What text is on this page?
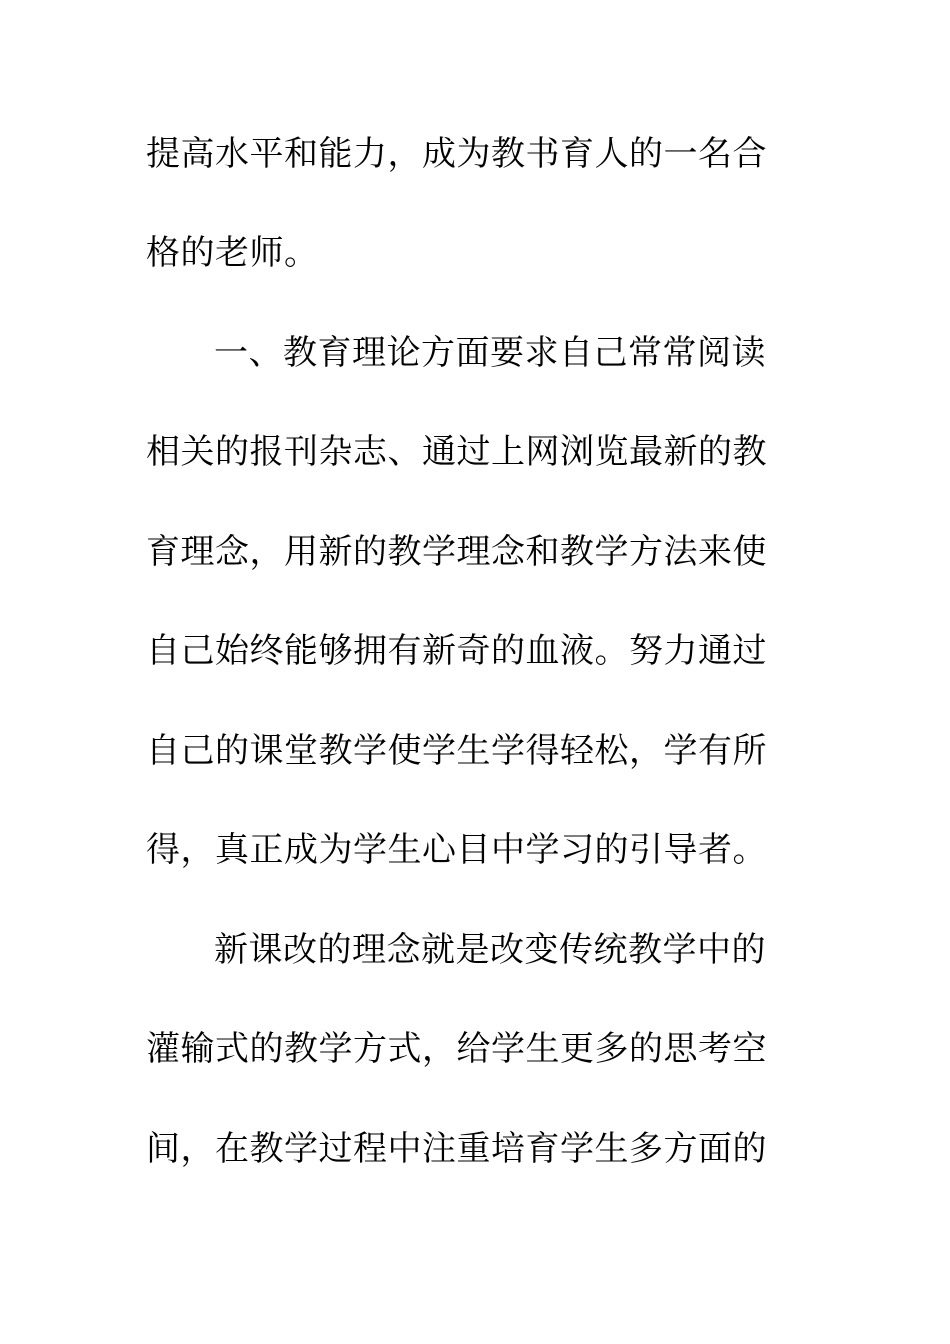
提高水平和能力，成为教书育人的一名合
格的老师。
一、教育理论方面要求自己常常阅读
相关的报刊杂志、通过上网浏览最新的教
育理念，用新的教学理念和教学方法来使
自己始终能够拥有新奇的血液。努力通过
自己的课堂教学使学生学得轻松，学有所
得，真正成为学生心目中学习的引导者。
新课改的理念就是改变传统教学中的
灌输式的教学方式，给学生更多的思考空
间，在教学过程中注重培育学生多方面的
